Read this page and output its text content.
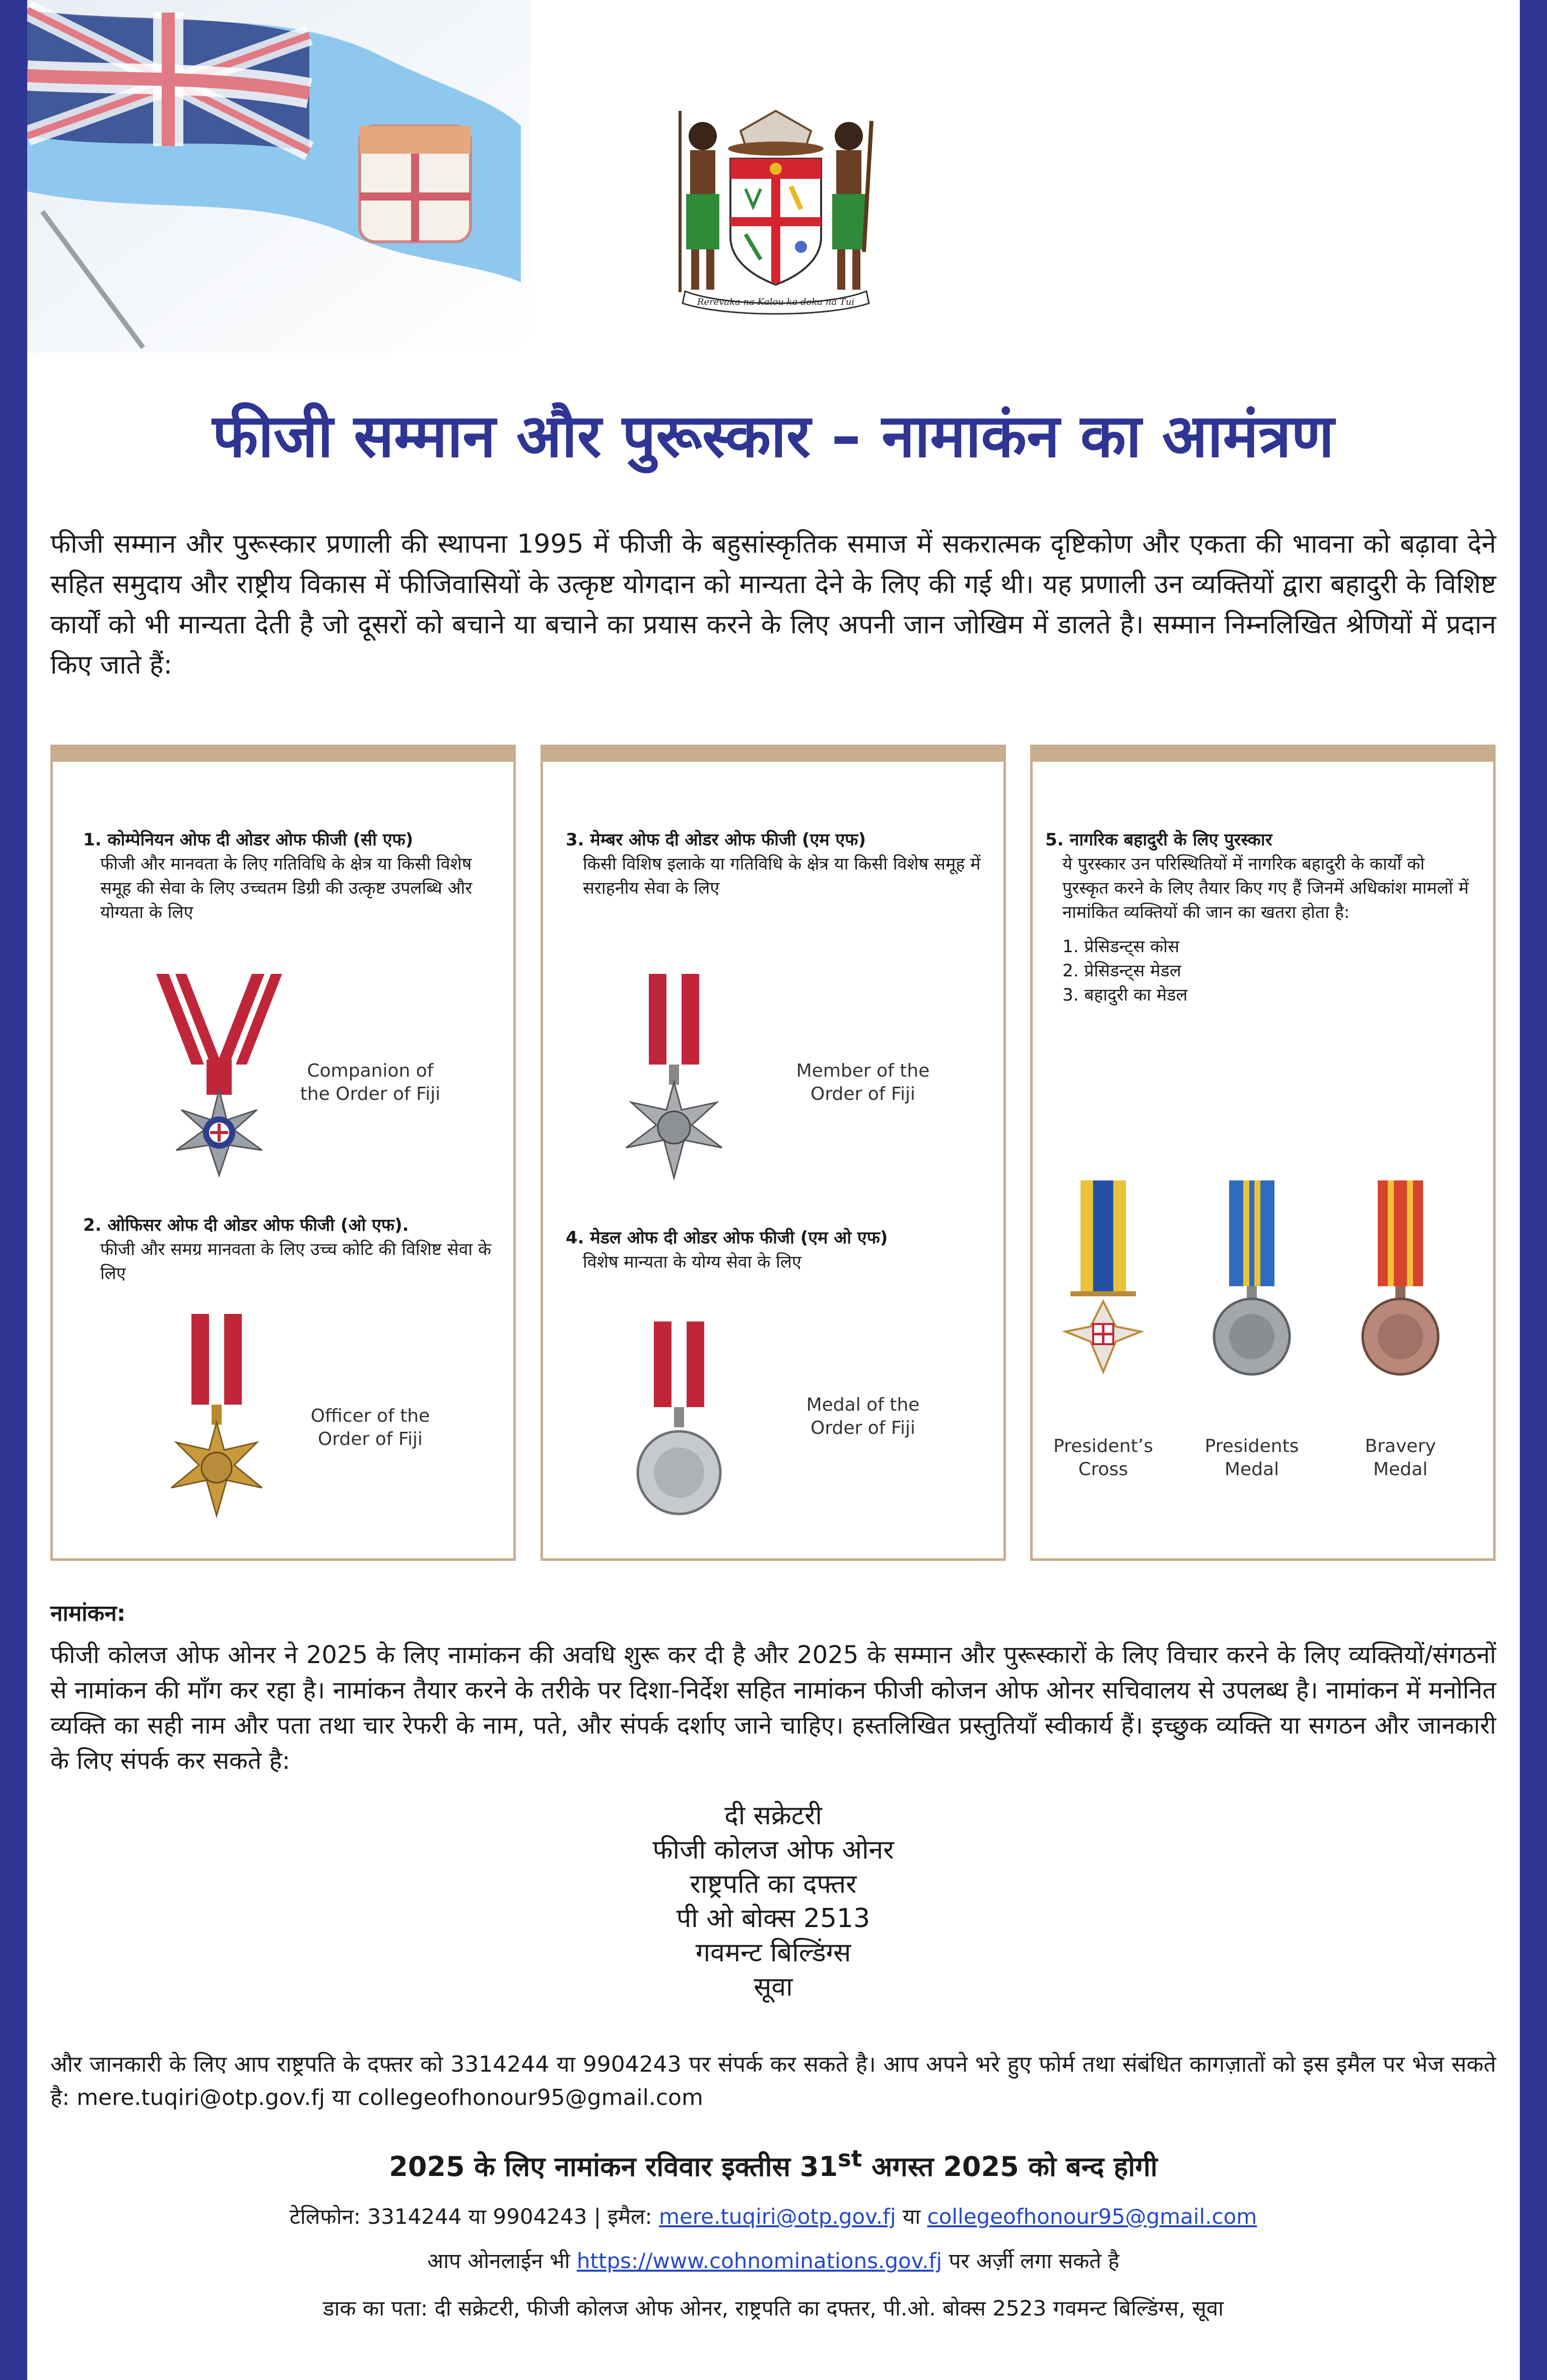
Rerevaka na Kalou ka doka na Tui
फीजी सम्मान और पुरूस्कार – नामाकंन का आमंत्रण
फीजी सम्मान और पुरूस्कार प्रणाली की स्थापना 1995 में फीजी के बहुसांस्कृतिक समाज में सकरात्मक दृष्टिकोण और एकता की भावना को बढ़ावा देने सहित समुदाय और राष्ट्रीय विकास में फीजिवासियों के उत्कृष्ट योगदान को मान्यता देने के लिए की गई थी। यह प्रणाली उन व्यक्तियों द्वारा बहादुरी के विशिष्ट कार्यों को भी मान्यता देती है जो दूसरों को बचाने या बचाने का प्रयास करने के लिए अपनी जान जोखिम में डालते है। सम्मान निम्नलिखित श्रेणियों में प्रदान किए जाते हैं:
1. कोम्पेनियन ओफ दी ओडर ओफ फीजी (सी एफ)
फीजी और मानवता के लिए गतिविधि के क्षेत्र या किसी विशेष समूह की सेवा के लिए उच्चतम डिग्री की उत्कृष्ट उपलब्धि और योग्यता के लिए
Companion of the Order of Fiji
2. ओफिसर ओफ दी ओडर ओफ फीजी (ओ एफ).
फीजी और समग्र मानवता के लिए उच्च कोटि की विशिष्ट सेवा के लिए
Officer of the Order of Fiji
3. मेम्बर ओफ दी ओडर ओफ फीजी (एम एफ)
किसी विशिष इलाके या गतिविधि के क्षेत्र या किसी विशेष समूह में सराहनीय सेवा के लिए
Member of the Order of Fiji
4. मेडल ओफ दी ओडर ओफ फीजी (एम ओ एफ)
विशेष मान्यता के योग्य सेवा के लिए
Medal of the Order of Fiji
5. नागरिक बहादुरी के लिए पुरस्कार
ये पुरस्कार उन परिस्थितियों में नागरिक बहादुरी के कार्यों को पुरस्कृत करने के लिए तैयार किए गए हैं जिनमें अधिकांश मामलों में नामांकित व्यक्तियों की जान का खतरा होता है:
1. प्रेसिडन्ट्स कोस
2. प्रेसिडन्ट्स मेडल
3. बहादुरी का मेडल
President’s Cross
Presidents Medal
Bravery Medal
नामांकन:
फीजी कोलज ओफ ओनर ने 2025 के लिए नामांकन की अवधि शुरू कर दी है और 2025 के सम्मान और पुरूस्कारों के लिए विचार करने के लिए व्यक्तियों/संगठनों से नामांकन की माँग कर रहा है। नामांकन तैयार करने के तरीके पर दिशा-निर्देश सहित नामांकन फीजी कोजन ओफ ओनर सचिवालय से उपलब्ध है। नामांकन में मनोनित व्यक्ति का सही नाम और पता तथा चार रेफरी के नाम, पते, और संपर्क दर्शाए जाने चाहिए। हस्तलिखित प्रस्तुतियाँ स्वीकार्य हैं। इच्छुक व्यक्ति या सगठन और जानकारी के लिए संपर्क कर सकते है:
दी सक्रेटरी
फीजी कोलज ओफ ओनर
राष्ट्रपति का दफ्तर
पी ओ बोक्स 2513
गवमन्ट बिल्डिंग्स
सूवा
और जानकारी के लिए आप राष्ट्रपति के दफ्तर को 3314244 या 9904243 पर संपर्क कर सकते है। आप अपने भरे हुए फोर्म तथा संबंधित कागज़ातों को इस इमैल पर भेज सकते है: mere.tuqiri@otp.gov.fj या collegeofhonour95@gmail.com
2025 के लिए नामांकन रविवार इक्तीस 31st अगस्त 2025 को बन्द होगी
टेलिफोन: 3314244 या 9904243 | इमैल: mere.tuqiri@otp.gov.fj या collegeofhonour95@gmail.com
आप ओनलाईन भी https://www.cohnominations.gov.fj पर अर्ज़ी लगा सकते है
डाक का पता: दी सक्रेटरी, फीजी कोलज ओफ ओनर, राष्ट्रपति का दफ्तर, पी.ओ. बोक्स 2523 गवमन्ट बिल्डिंग्स, सूवा
